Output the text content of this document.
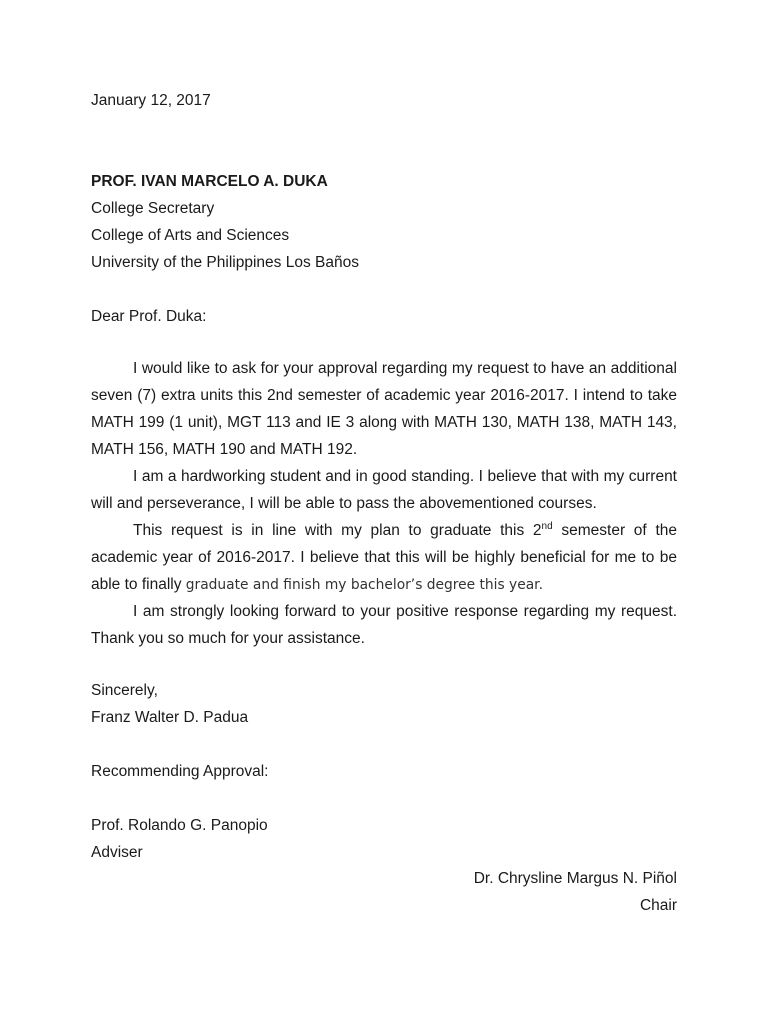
January 12, 2017
PROF. IVAN MARCELO A. DUKA
College Secretary
College of Arts and Sciences
University of the Philippines Los Baños
Dear Prof. Duka:

I would like to ask for your approval regarding my request to have an additional seven (7) extra units this 2nd semester of academic year 2016-2017. I intend to take MATH 199 (1 unit), MGT 113 and IE 3 along with MATH 130, MATH 138, MATH 143, MATH 156, MATH 190 and MATH 192.

I am a hardworking student and in good standing. I believe that with my current will and perseverance, I will be able to pass the abovementioned courses.

This request is in line with my plan to graduate this 2nd semester of the academic year of 2016-2017. I believe that this will be highly beneficial for me to be able to finally graduate and finish my bachelor’s degree this year.

I am strongly looking forward to your positive response regarding my request. Thank you so much for your assistance.

Sincerely,
Franz Walter D. Padua
Recommending Approval:
Prof. Rolando G. Panopio
Adviser
Dr. Chrysline Margus N. Piñol
Chair
